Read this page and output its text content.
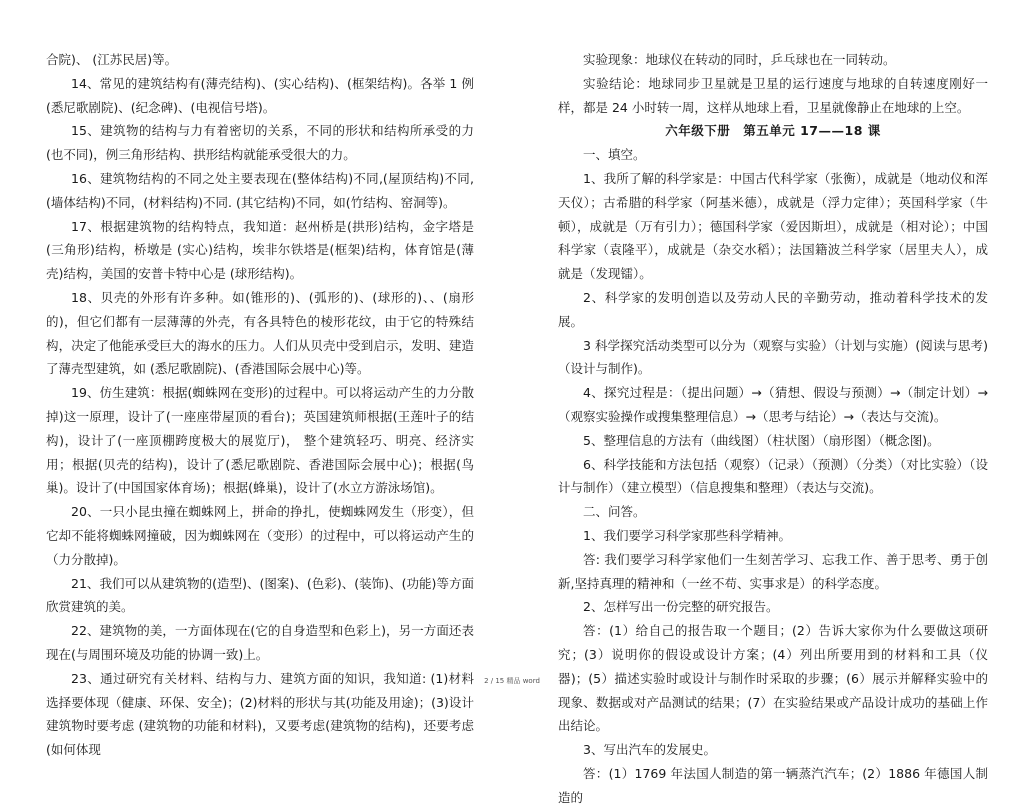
合院)、 (江苏民居)等。

14、常见的建筑结构有(薄壳结构)、(实心结构)、(框架结构)。各举 1 例(悉尼歌剧院)、(纪念碑)、(电视信号塔)。

15、建筑物的结构与力有着密切的关系，不同的形状和结构所承受的力(也不同)，例三角形结构、拱形结构就能承受很大的力。

16、建筑物结构的不同之处主要表现在(整体结构)不同,(屋顶结构)不同,(墙体结构)不同，(材料结构)不同. (其它结构)不同，如(竹结构、窑洞等)。

17、根据建筑物的结构特点，我知道：赵州桥是(拱形)结构，金字塔是(三角形)结构，桥墩是 (实心)结构，埃非尔铁塔是(框架)结构，体育馆是(薄壳)结构，美国的安普卡特中心是 (球形结构)。

18、贝壳的外形有许多种。如(锥形的)、(弧形的)、(球形的)、、(扇形的)，但它们都有一层薄薄的外壳，有各具特色的棱形花纹，由于它的特殊结构，决定了他能承受巨大的海水的压力。人们从贝壳中受到启示，发明、建造了薄壳型建筑，如 (悉尼歌剧院)、(香港国际会展中心)等。

19、仿生建筑：根据(蜘蛛网在变形)的过程中。可以将运动产生的力分散掉)这一原理，设计了(一座座带屋顶的看台)；英国建筑师根据(王莲叶子的结构)，设计了(一座顶棚跨度极大的展览厅)， 整个建筑轻巧、明亮、经济实用；根据(贝壳的结构)，设计了(悉尼歌剧院、香港国际会展中心)；根据(鸟巢)。设计了(中国国家体育场)；根据(蜂巢)，设计了(水立方游泳场馆)。

20、一只小昆虫撞在蜘蛛网上，拼命的挣扎，使蜘蛛网发生（形变），但它却不能将蜘蛛网撞破，因为蜘蛛网在（变形）的过程中，可以将运动产生的（力分散掉)。

21、我们可以从建筑物的(造型)、(图案)、(色彩)、(装饰)、(功能)等方面欣赏建筑的美。

22、建筑物的美，一方面体现在(它的自身造型和色彩上)，另一方面还表现在(与周围环境及功能的协调一致)上。

23、通过研究有关材料、结构与力、建筑方面的知识，我知道: (1)材料选择要体现（健康、环保、安全)；(2)材料的形状与其(功能及用途)；(3)设计建筑物时要考虑 (建筑物的功能和材料)，又要考虑(建筑物的结构)，还要考虑(如何体现

实验现象：地球仪在转动的同时，乒乓球也在一同转动。

实验结论：地球同步卫星就是卫星的运行速度与地球的自转速度刚好一样，都是 24 小时转一周，这样从地球上看，卫星就像静止在地球的上空。

六年级下册　第五单元 17——18 课

一、填空。

1、我所了解的科学家是：中国古代科学家（张衡），成就是（地动仪和浑天仪）；古希腊的科学家（阿基米德），成就是（浮力定律）；英国科学家（牛顿），成就是（万有引力）；德国科学家（爱因斯坦），成就是（相对论）；中国科学家（袁隆平），成就是（杂交水稻）；法国籍波兰科学家（居里夫人），成就是（发现镭）。

2、科学家的发明创造以及劳动人民的辛勤劳动，推动着科学技术的发展。

3 科学探究活动类型可以分为（观察与实验）（计划与实施）(阅读与思考)（设计与制作)。

4、探究过程是：（提出问题）→（猜想、假设与预测）→（制定计划）→（观察实验操作或搜集整理信息）→（思考与结论）→（表达与交流)。

5、整理信息的方法有（曲线图）（柱状图）（扇形图）（概念图)。

6、科学技能和方法包括（观察）（记录）（预测）（分类）（对比实验）（设计与制作）（建立模型）（信息搜集和整理）（表达与交流)。

二、问答。

1、我们要学习科学家那些科学精神。

答: 我们要学习科学家他们一生刻苦学习、忘我工作、善于思考、勇于创新,坚持真理的精神和（一丝不苟、实事求是）的科学态度。

2、怎样写出一份完整的研究报告。

答：(1）给自己的报告取一个题目；(2）告诉大家你为什么要做这项研究；(3）说明你的假设或设计方案；(4）列出所要用到的材料和工具（仪器)；(5）描述实验时或设计与制作时采取的步骤；(6）展示并解释实验中的现象、数据或对产品测试的结果；(7）在实验结果或产品设计成功的基础上作出结论。

3、写出汽车的发展史。

答：(1）1769 年法国人制造的第一辆蒸汽汽车；(2）1886 年德国人制造的

2 / 15 精品 word
